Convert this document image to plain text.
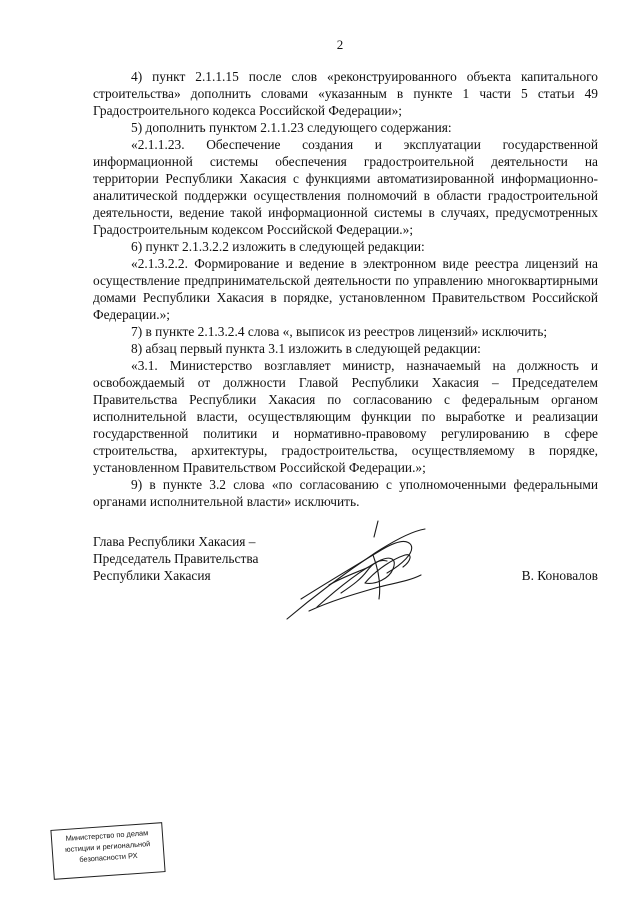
2

4) пункт 2.1.1.15 после слов «реконструированного объекта капитального строительства» дополнить словами «указанным в пункте 1 части 5 статьи 49 Градостроительного кодекса Российской Федерации»;

5) дополнить пунктом 2.1.1.23 следующего содержания:

«2.1.1.23. Обеспечение создания и эксплуатации государственной информационной системы обеспечения градостроительной деятельности на территории Республики Хакасия с функциями автоматизированной информационно-аналитической поддержки осуществления полномочий в области градостроительной деятельности, ведение такой информационной системы в случаях, предусмотренных Градостроительным кодексом Российской Федерации.»;

6) пункт 2.1.3.2.2 изложить в следующей редакции:

«2.1.3.2.2. Формирование и ведение в электронном виде реестра лицензий на осуществление предпринимательской деятельности по управлению многоквартирными домами Республики Хакасия в порядке, установленном Правительством Российской Федерации.»;

7) в пункте 2.1.3.2.4 слова «, выписок из реестров лицензий» исключить;

8) абзац первый пункта 3.1 изложить в следующей редакции:

«3.1. Министерство возглавляет министр, назначаемый на должность и освобождаемый от должности Главой Республики Хакасия – Председателем Правительства Республики Хакасия по согласованию с федеральным органом исполнительной власти, осуществляющим функции по выработке и реализации государственной политики и нормативно-правовому регулированию в сфере строительства, архитектуры, градостроительства, осуществляемому в порядке, установленном Правительством Российской Федерации.»;

9) в пункте 3.2 слова «по согласованию с уполномоченными федеральными органами исполнительной власти» исключить.

Глава Республики Хакасия –
Председатель Правительства
Республики Хакасия	В. Коновалов
Министерство по делам
юстиции и региональной
безопасности РХ
